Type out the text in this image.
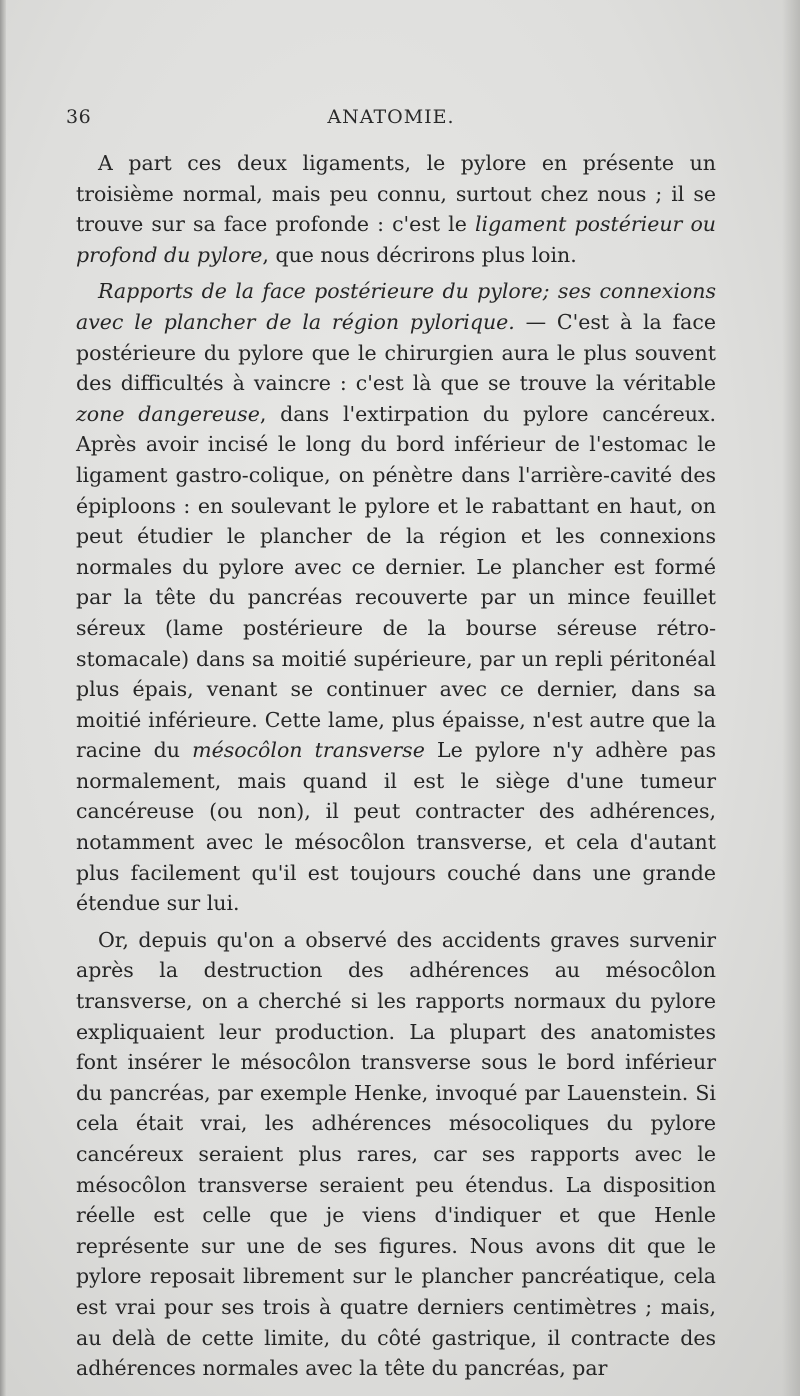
36	ANATOMIE.

A part ces deux ligaments, le pylore en présente un troisième normal, mais peu connu, surtout chez nous ; il se trouve sur sa face profonde : c'est le ligament postérieur ou profond du pylore, que nous décrirons plus loin.

Rapports de la face postérieure du pylore; ses connexions avec le plancher de la région pylorique. — C'est à la face postérieure du pylore que le chirurgien aura le plus souvent des difficultés à vaincre : c'est là que se trouve la véritable zone dangereuse, dans l'extirpation du pylore cancéreux. Après avoir incisé le long du bord inférieur de l'estomac le ligament gastro-colique, on pénètre dans l'arrière-cavité des épiploons : en soulevant le pylore et le rabattant en haut, on peut étudier le plancher de la région et les connexions normales du pylore avec ce dernier. Le plancher est formé par la tête du pancréas recouverte par un mince feuillet séreux (lame postérieure de la bourse séreuse rétro-stomacale) dans sa moitié supérieure, par un repli péritonéal plus épais, venant se continuer avec ce dernier, dans sa moitié inférieure. Cette lame, plus épaisse, n'est autre que la racine du mésocôlon transverse Le pylore n'y adhère pas normalement, mais quand il est le siège d'une tumeur cancéreuse (ou non), il peut contracter des adhérences, notamment avec le mésocôlon transverse, et cela d'autant plus facilement qu'il est toujours couché dans une grande étendue sur lui.

Or, depuis qu'on a observé des accidents graves survenir après la destruction des adhérences au mésocôlon transverse, on a cherché si les rapports normaux du pylore expliquaient leur production. La plupart des anatomistes font insérer le mésocôlon transverse sous le bord inférieur du pancréas, par exemple Henke, invoqué par Lauenstein. Si cela était vrai, les adhérences mésocoliques du pylore cancéreux seraient plus rares, car ses rapports avec le mésocôlon transverse seraient peu étendus. La disposition réelle est celle que je viens d'indiquer et que Henle représente sur une de ses figures. Nous avons dit que le pylore reposait librement sur le plancher pancréatique, cela est vrai pour ses trois à quatre derniers centimètres ; mais, au delà de cette limite, du côté gastrique, il contracte des adhérences normales avec la tête du pancréas, par
